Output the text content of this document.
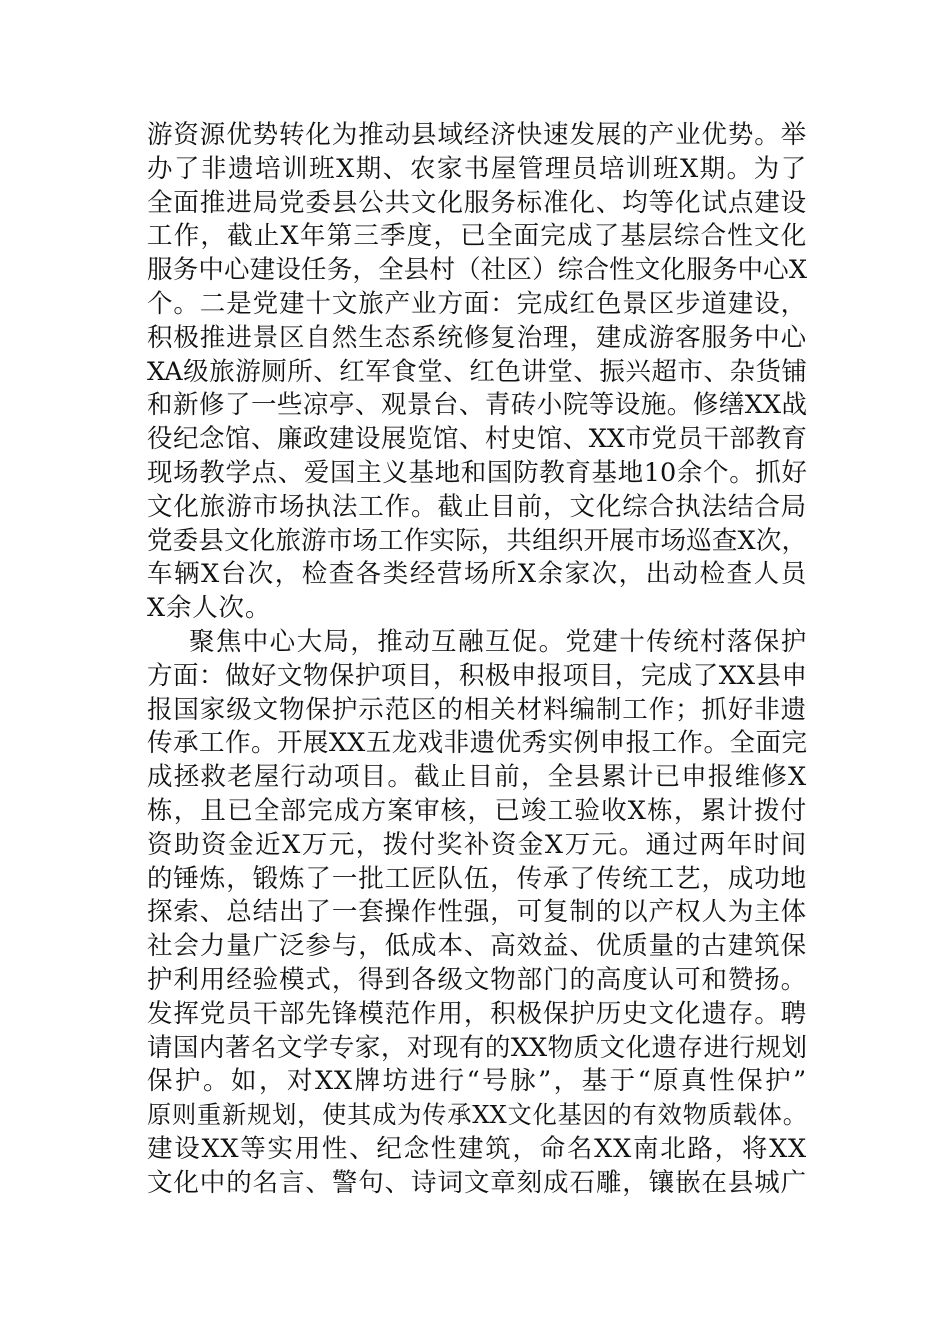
游资源优势转化为推动县域经济快速发展的产业优势。举
办了非遗培训班X期、农家书屋管理员培训班X期。为了
全面推进局党委县公共文化服务标准化、均等化试点建设
工作，截止X年第三季度，已全面完成了基层综合性文化
服务中心建设任务，全县村（社区）综合性文化服务中心X
个。二是党建十文旅产业方面：完成红色景区步道建设，
积极推进景区自然生态系统修复治理，建成游客服务中心
XA级旅游厕所、红军食堂、红色讲堂、振兴超市、杂货铺
和新修了一些凉亭、观景台、青砖小院等设施。修缮XX战
役纪念馆、廉政建设展览馆、村史馆、XX市党员干部教育
现场教学点、爱国主义基地和国防教育基地10余个。抓好
文化旅游市场执法工作。截止目前，文化综合执法结合局
党委县文化旅游市场工作实际，共组织开展市场巡查X次，
车辆X台次，检查各类经营场所X余家次，出动检查人员
X余人次。
聚焦中心大局，推动互融互促。党建十传统村落保护
方面：做好文物保护项目，积极申报项目，完成了XX县申
报国家级文物保护示范区的相关材料编制工作；抓好非遗
传承工作。开展XX五龙戏非遗优秀实例申报工作。全面完
成拯救老屋行动项目。截止目前，全县累计已申报维修X
栋，且已全部完成方案审核，已竣工验收X栋，累计拨付
资助资金近X万元，拨付奖补资金X万元。通过两年时间
的锤炼，锻炼了一批工匠队伍，传承了传统工艺，成功地
探索、总结出了一套操作性强，可复制的以产权人为主体
社会力量广泛参与，低成本、高效益、优质量的古建筑保
护利用经验模式，得到各级文物部门的高度认可和赞扬。
发挥党员干部先锋模范作用，积极保护历史文化遗存。聘
请国内著名文学专家，对现有的XX物质文化遗存进行规划
保护。如，对XX牌坊进行“号脉”，基于“原真性保护”
原则重新规划，使其成为传承XX文化基因的有效物质载体。
建设XX等实用性、纪念性建筑，命名XX南北路，将XX
文化中的名言、警句、诗词文章刻成石雕，镶嵌在县城广
